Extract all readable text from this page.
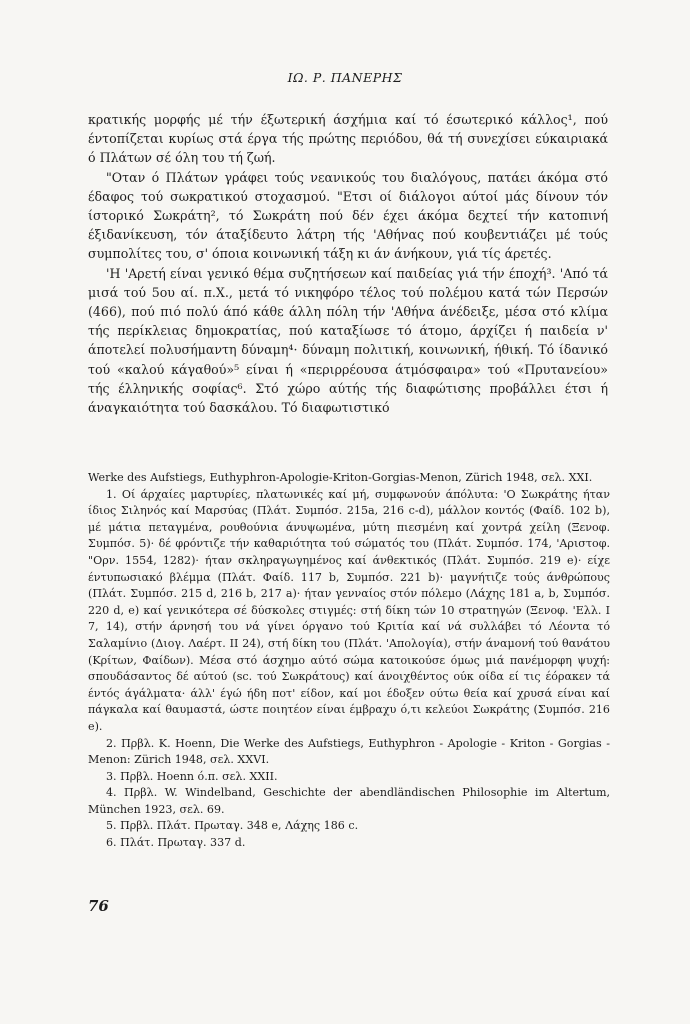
ΙΩ. Ρ. ΠΑΝΕΡΗΣ

κρατικής μορφής μέ τήν έξωτερική άσχήμια καί τό έσωτερικό κάλλος¹, πού έντοπίζεται κυρίως στά έργα τής πρώτης περιόδου, θά τή συνεχίσει εύκαιριακά ό Πλάτων σέ όλη του τή ζωή.

"Οταν ό Πλάτων γράφει τούς νεανικούς του διαλόγους, πατάει άκόμα στό έδαφος τού σωκρατικού στοχασμού. "Ετσι οί διάλογοι αύτοί μάς δίνουν τόν ίστορικό Σωκράτη², τό Σωκράτη πού δέν έχει άκόμα δεχτεί τήν κατοπινή έξιδανίκευση, τόν άταξίδευτο λάτρη τής 'Αθήνας πού κουβεντιάζει μέ τούς συμπολίτες του, σ' όποια κοινωνική τάξη κι άν άνήκουν, γιά τίς άρετές.

'Η 'Αρετή είναι γενικό θέμα συζητήσεων καί παιδείας γιά τήν έποχή³. 'Από τά μισά τού 5ου αί. π.Χ., μετά τό νικηφόρο τέλος τού πολέμου κατά τών Περσών (466), πού πιό πολύ άπό κάθε άλλη πόλη τήν 'Αθήνα άνέδειξε, μέσα στό κλίμα τής περίκλειας δημοκρατίας, πού καταξίωσε τό άτομο, άρχίζει ή παιδεία ν' άποτελεί πολυσήμαντη δύναμη⁴· δύναμη πολιτική, κοινωνική, ήθική. Τό ίδανικό τού «καλού κάγαθού»⁵ είναι ή «περιρρέουσα άτμόσφαιρα» τού «Πρυτανείου» τής έλληνικής σοφίας⁶. Στό χώρο αύτής τής διαφώτισης προβάλλει έτσι ή άναγκαιότητα τού δασκάλου. Τό διαφωτιστικό

Werke des Aufstiegs, Euthyphron-Apologie-Kriton-Gorgias-Menon, Zürich 1948, σελ. XXI.

1. Οί άρχαίες μαρτυρίες, πλατωνικές καί μή, συμφωνούν άπόλυτα: 'Ο Σωκράτης ήταν ίδιος Σιληνός καί Μαρσύας (Πλάτ. Συμπόσ. 215a, 216 c-d), μάλλον κοντός (Φαίδ. 102 b), μέ μάτια πεταγμένα, ρουθούνια άνυψωμένα, μύτη πιεσμένη καί χοντρά χείλη (Ξενοφ. Συμπόσ. 5)· δέ φρόντιζε τήν καθαριότητα τού σώματός του (Πλάτ. Συμπόσ. 174, 'Αριστοφ. "Ορν. 1554, 1282)· ήταν σκληραγωγημένος καί άνθεκτικός (Πλάτ. Συμπόσ. 219 e)· είχε έντυπωσιακό βλέμμα (Πλάτ. Φαίδ. 117 b, Συμπόσ. 221 b)· μαγνήτιζε τούς άνθρώπους (Πλάτ. Συμπόσ. 215 d, 216 b, 217 a)· ήταν γενναίος στόν πόλεμο (Λάχης 181 a, b, Συμπόσ. 220 d, e) καί γενικότερα σέ δύσκολες στιγμές: στή δίκη τών 10 στρατηγών (Ξενοφ. 'Ελλ. I 7, 14), στήν άρνησή του νά γίνει όργανο τού Κριτία καί νά συλλάβει τό Λέοντα τό Σαλαμίνιο (Διογ. Λαέρτ. II 24), στή δίκη του (Πλάτ. 'Απολογία), στήν άναμονή τού θανάτου (Κρίτων, Φαίδων). Μέσα στό άσχημο αύτό σώμα κατοικούσε όμως μιά πανέμορφη ψυχή: σπουδάσαντος δέ αύτού (sc. τού Σωκράτους) καί άνοιχθέντος ούκ οίδα εί τις έόρακεν τά έντός άγάλματα· άλλ' έγώ ήδη ποτ' είδον, καί μοι έδοξεν ούτω θεία καί χρυσά είναι καί πάγκαλα καί θαυμαστά, ώστε ποιητέον είναι έμβραχυ ό,τι κελεύοι Σωκράτης (Συμπόσ. 216 e).

2. Πρβλ. K. Hoenn, Die Werke des Aufstiegs, Euthyphron - Apologie - Kriton - Gorgias - Menon: Zürich 1948, σελ. XXVI.

3. Πρβλ. Hoenn ό.π. σελ. XXII.

4. Πρβλ. W. Windelband, Geschichte der abendländischen Philosophie im Altertum, München 1923, σελ. 69.

5. Πρβλ. Πλάτ. Πρωταγ. 348 e, Λάχης 186 c.

6. Πλάτ. Πρωταγ. 337 d.

76
